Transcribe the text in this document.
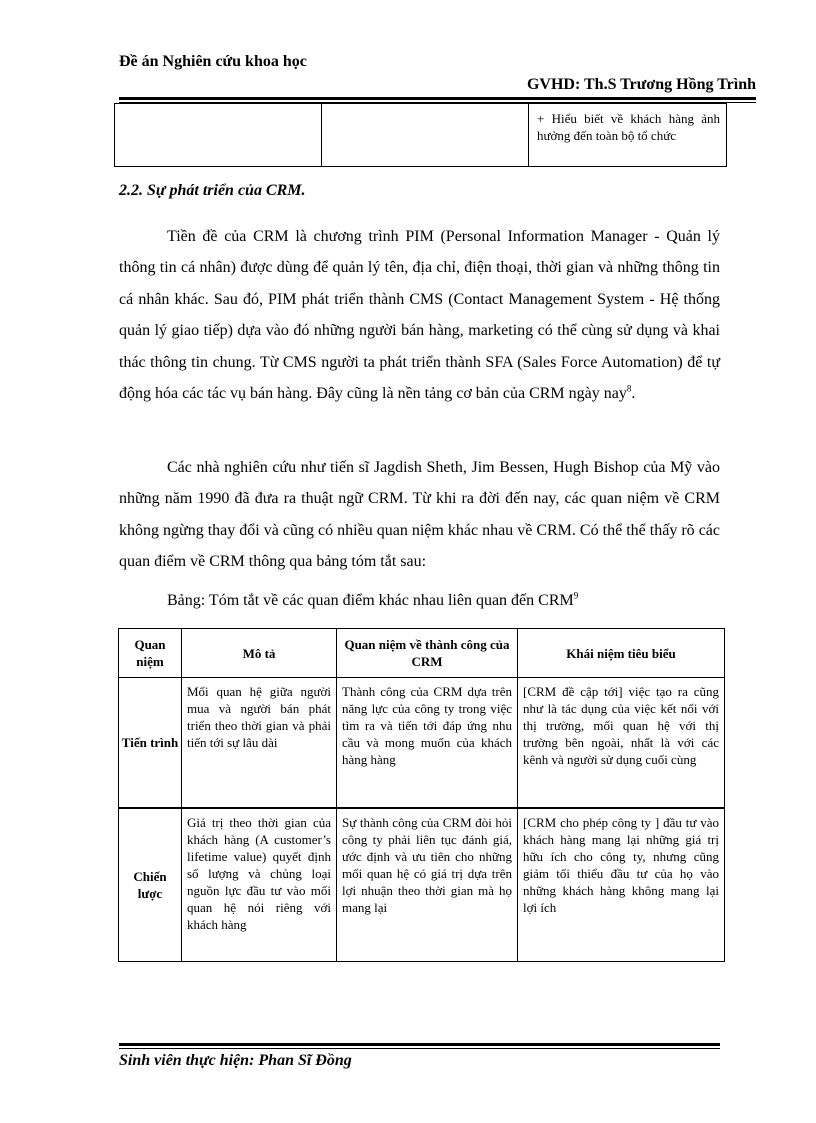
Đề án Nghiên cứu khoa học
GVHD: Th.S Trương Hồng Trình
		+ Hiểu biết về khách hàng ảnh hưởng đến toàn bộ tổ chức
2.2. Sự phát triển của CRM.

Tiền đề của CRM là chương trình PIM (Personal Information Manager - Quản lý thông tin cá nhân) được dùng để quản lý tên, địa chỉ, điện thoại, thời gian và những thông tin cá nhân khác. Sau đó, PIM phát triển thành CMS (Contact Management System - Hệ thống quản lý giao tiếp) dựa vào đó những người bán hàng, marketing có thể cùng sử dụng và khai thác thông tin chung. Từ CMS người ta phát triển thành SFA (Sales Force Automation) để tự động hóa các tác vụ bán hàng. Đây cũng là nền tảng cơ bản của CRM ngày nay$^8$.

Các nhà nghiên cứu như tiến sĩ Jagdish Sheth, Jim Bessen, Hugh Bishop của Mỹ vào những năm 1990 đã đưa ra thuật ngữ CRM. Từ khi ra đời đến nay, các quan niệm về CRM không ngừng thay đổi và cũng có nhiều quan niệm khác nhau về CRM. Có thể thể thấy rõ các quan điểm về CRM thông qua bảng tóm tắt sau:

Bảng: Tóm tắt về các quan điểm khác nhau liên quan đến CRM$^9$
Quan niệm	Mô tả	Quan niệm về thành công của CRM	Khái niệm tiêu biểu
Tiến trình	Mối quan hệ giữa người mua và người bán phát triển theo thời gian và phải tiến tới sự lâu dài	Thành công của CRM dựa trên năng lực của công ty trong việc tìm ra và tiến tới đáp ứng nhu cầu và mong muốn của khách hàng hàng	[CRM đề cập tới] việc tạo ra cũng như là tác dụng của việc kết nối với thị trường, mối quan hệ với thị trường bên ngoài, nhất là với các kênh và người sử dụng cuối cùng
Chiến lược	Giá trị theo thời gian của khách hàng (A customer’s lifetime value) quyết định số lượng và chủng loại nguồn lực đầu tư vào mối quan hệ nói riêng với khách hàng	Sự thành công của CRM đòi hỏi công ty phải liên tục đánh giá, ước định và ưu tiên cho những mối quan hệ có giá trị dựa trên lợi nhuận theo thời gian mà họ mang lại	[CRM cho phép công ty ] đầu tư vào khách hàng mang lại những giá trị hữu ích cho công ty, nhưng cũng giảm tối thiểu đầu tư của họ vào những khách hàng không mang lại lợi ích
Sinh viên thực hiện: Phan Sĩ Đồng
